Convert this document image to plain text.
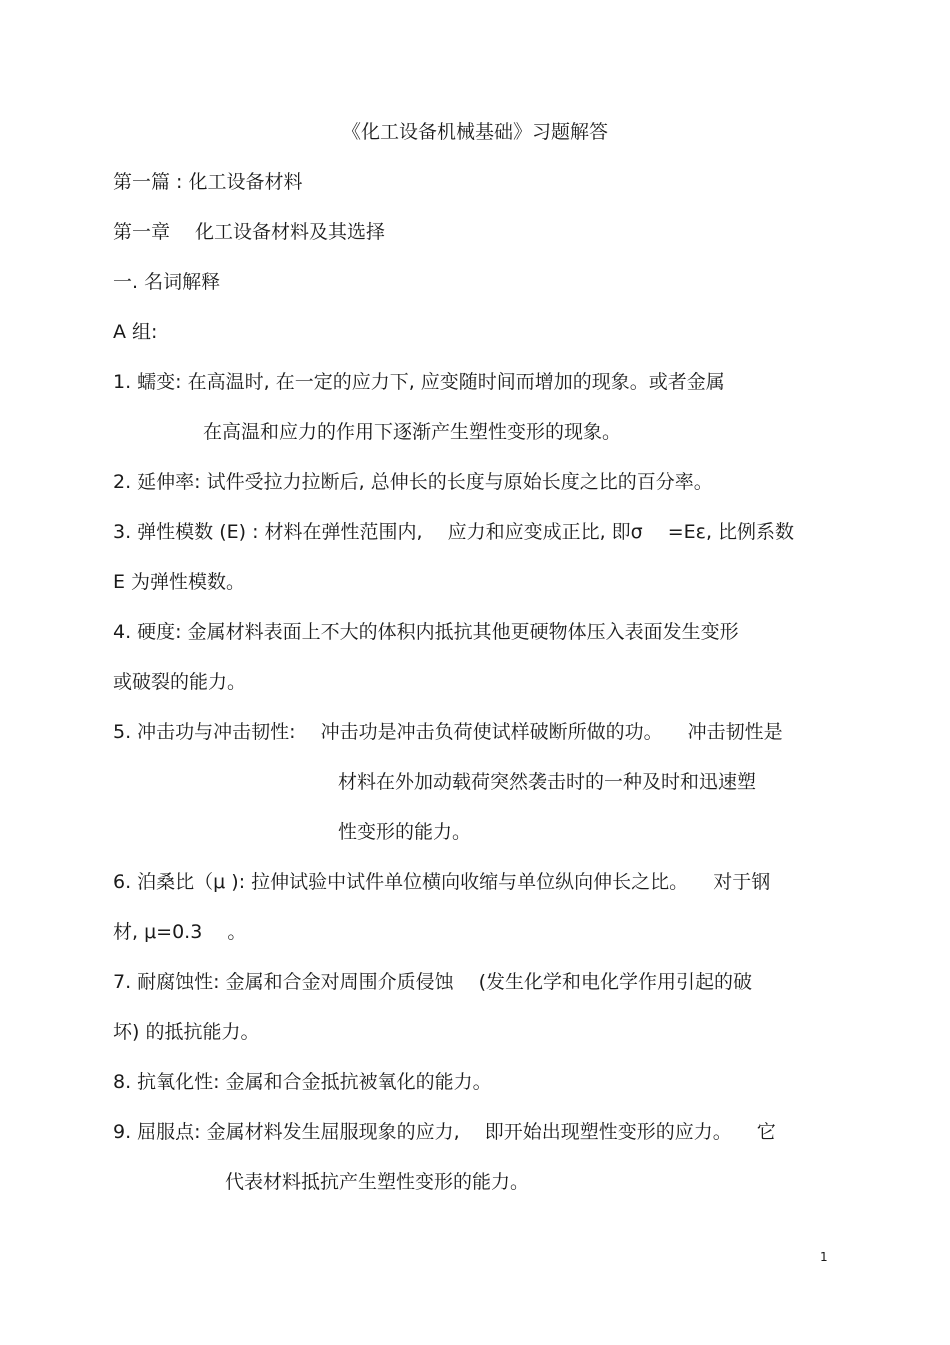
《化工设备机械基础》习题解答
第一篇 : 化工设备材料
第一章　 化工设备材料及其选择
一. 名词解释
A 组:
1. 蠕变: 在高温时, 在一定的应力下, 应变随时间而增加的现象。或者金属
在高温和应力的作用下逐渐产生塑性变形的现象。
2. 延伸率: 试件受拉力拉断后, 总伸长的长度与原始长度之比的百分率。
3. 弹性模数 (E) : 材料在弹性范围内, 　应力和应变成正比, 即σ 　=Eε, 比例系数
E 为弹性模数。
4. 硬度: 金属材料表面上不大的体积内抵抗其他更硬物体压入表面发生变形
或破裂的能力。
5. 冲击功与冲击韧性: 　冲击功是冲击负荷使试样破断所做的功。 　冲击韧性是
材料在外加动载荷突然袭击时的一种及时和迅速塑
性变形的能力。
6. 泊桑比（μ ): 拉伸试验中试件单位横向收缩与单位纵向伸长之比。 　对于钢
材, μ=0.3 　。
7. 耐腐蚀性: 金属和合金对周围介质侵蚀 　(发生化学和电化学作用引起的破
坏) 的抵抗能力。
8. 抗氧化性: 金属和合金抵抗被氧化的能力。
9. 屈服点: 金属材料发生屈服现象的应力, 　即开始出现塑性变形的应力。 　它
代表材料抵抗产生塑性变形的能力。
1
